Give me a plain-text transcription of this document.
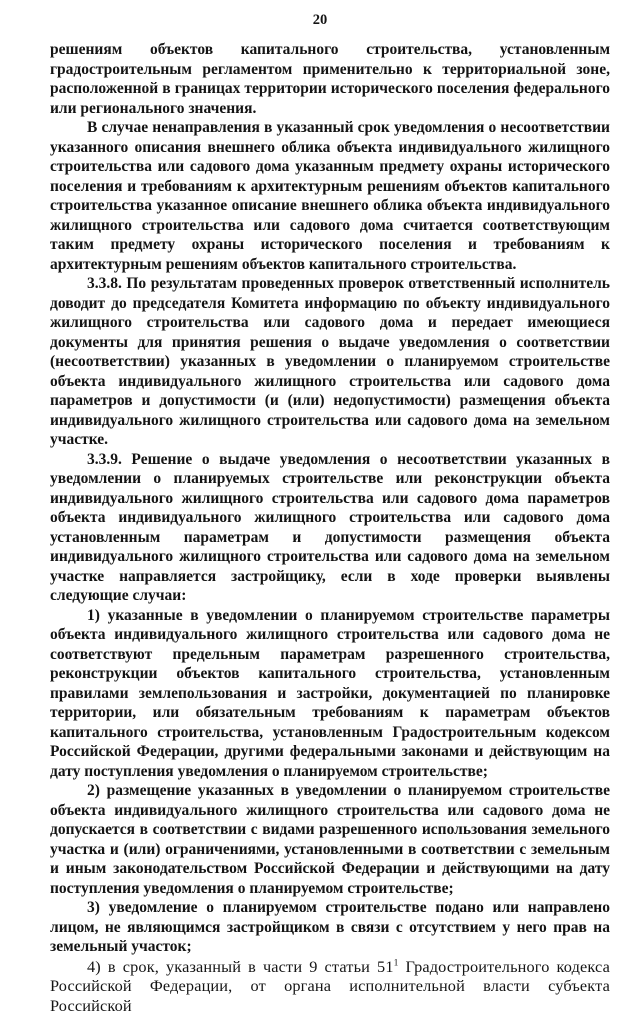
20

решениям объектов капитального строительства, установленным градостроительным регламентом применительно к территориальной зоне, расположенной в границах территории исторического поселения федерального или регионального значения.

В случае ненаправления в указанный срок уведомления о несоответствии указанного описания внешнего облика объекта индивидуального жилищного строительства или садового дома указанным предмету охраны исторического поселения и требованиям к архитектурным решениям объектов капитального строительства указанное описание внешнего облика объекта индивидуального жилищного строительства или садового дома считается соответствующим таким предмету охраны исторического поселения и требованиям к архитектурным решениям объектов капитального строительства.

3.3.8. По результатам проведенных проверок ответственный исполнитель доводит до председателя Комитета информацию по объекту индивидуального жилищного строительства или садового дома и передает имеющиеся документы для принятия решения о выдаче уведомления о соответствии (несоответствии) указанных в уведомлении о планируемом строительстве объекта индивидуального жилищного строительства или садового дома параметров и допустимости (и (или) недопустимости) размещения объекта индивидуального жилищного строительства или садового дома на земельном участке.

3.3.9. Решение о выдаче уведомления о несоответствии указанных в уведомлении о планируемых строительстве или реконструкции объекта индивидуального жилищного строительства или садового дома параметров объекта индивидуального жилищного строительства или садового дома установленным параметрам и допустимости размещения объекта индивидуального жилищного строительства или садового дома на земельном участке направляется застройщику, если в ходе проверки выявлены следующие случаи:

1) указанные в уведомлении о планируемом строительстве параметры объекта индивидуального жилищного строительства или садового дома не соответствуют предельным параметрам разрешенного строительства, реконструкции объектов капитального строительства, установленным правилами землепользования и застройки, документацией по планировке территории, или обязательным требованиям к параметрам объектов капитального строительства, установленным Градостроительным кодексом Российской Федерации, другими федеральными законами и действующим на дату поступления уведомления о планируемом строительстве;

2) размещение указанных в уведомлении о планируемом строительстве объекта индивидуального жилищного строительства или садового дома не допускается в соответствии с видами разрешенного использования земельного участка и (или) ограничениями, установленными в соответствии с земельным и иным законодательством Российской Федерации и действующими на дату поступления уведомления о планируемом строительстве;

3) уведомление о планируемом строительстве подано или направлено лицом, не являющимся застройщиком в связи с отсутствием у него прав на земельный участок;

4) в срок, указанный в части 9 статьи $51^1$ Градостроительного кодекса Российской Федерации, от органа исполнительной власти субъекта Российской
